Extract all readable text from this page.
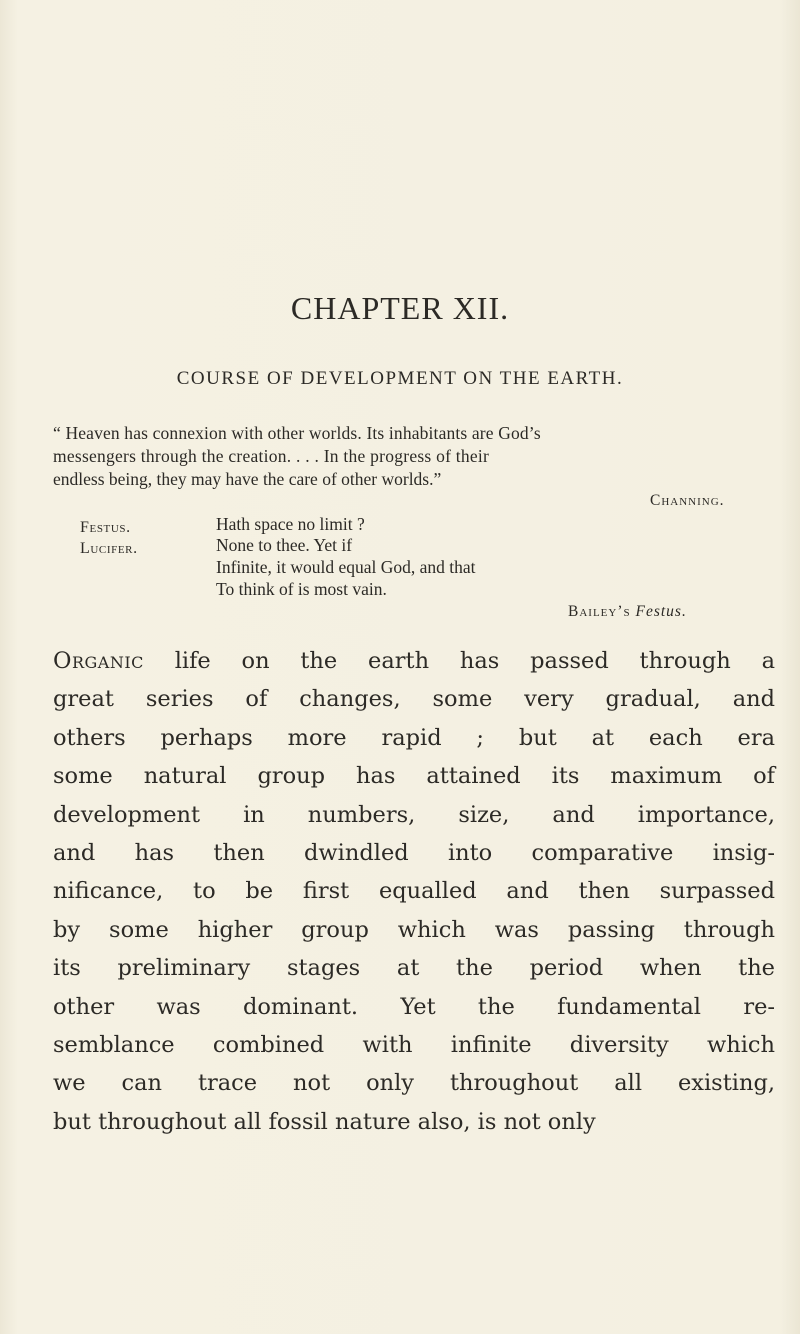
CHAPTER XII.
COURSE OF DEVELOPMENT ON THE EARTH.
“ Heaven has connexion with other worlds. Its inhabitants are God’s
messengers through the creation. . . . In the progress of their
endless being, they may have the care of other worlds.”
Channing.
Festus.	Hath space no limit ?
Lucifer.	None to thee. Yet if
Infinite, it would equal God, and that
To think of is most vain.
Bailey’s Festus.
Organic life on the earth has passed through a
great series of changes, some very gradual, and
others perhaps more rapid ; but at each era
some natural group has attained its maximum of
development in numbers, size, and importance,
and has then dwindled into comparative insig-
nificance, to be first equalled and then surpassed
by some higher group which was passing through
its preliminary stages at the period when the
other was dominant. Yet the fundamental re-
semblance combined with infinite diversity which
we can trace not only throughout all existing,
but throughout all fossil nature also, is not only
